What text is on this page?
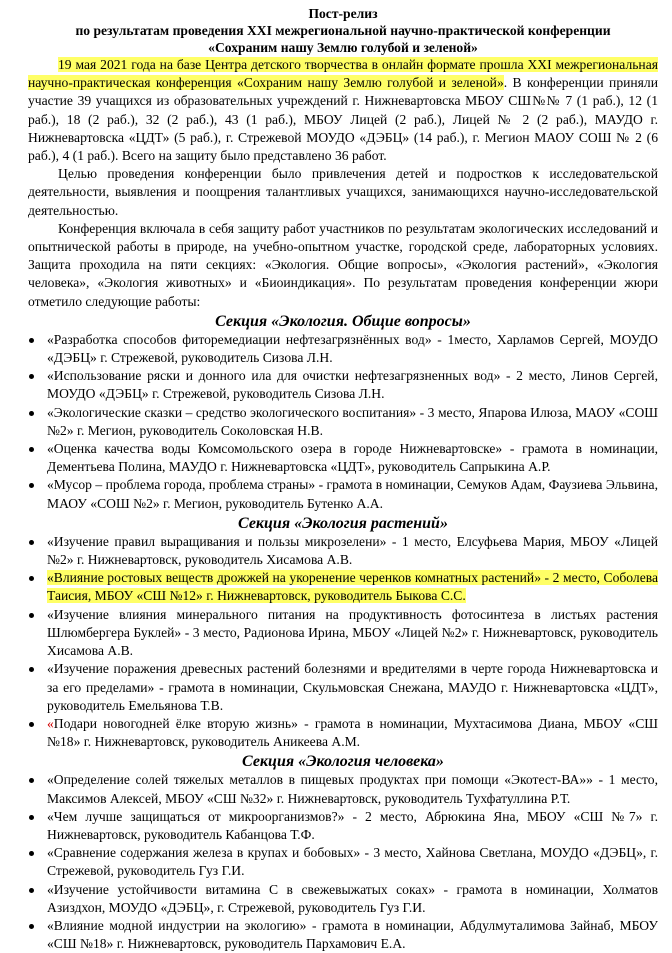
Пост-релиз
по результатам проведения XXI межрегиональной научно-практической конференции
«Сохраним нашу Землю голубой и зеленой»

19 мая 2021 года на базе Центра детского творчества в онлайн формате прошла XXI межрегиональная научно-практическая конференция «Сохраним нашу Землю голубой и зеленой». В конференции приняли участие 39 учащихся из образовательных учреждений г. Нижневартовска МБОУ СШ№№ 7 (1 раб.), 12 (1 раб.), 18 (2 раб.), 32 (2 раб.), 43 (1 раб.), МБОУ Лицей (2 раб.), Лицей № 2 (2 раб.), МАУДО г. Нижневартовска «ЦДТ» (5 раб.), г. Стрежевой МОУДО «ДЭБЦ» (14 раб.), г. Мегион МАОУ СОШ № 2 (6 раб.), 4 (1 раб.). Всего на защиту было представлено 36 работ.

Целью проведения конференции было привлечения детей и подростков к исследовательской деятельности, выявления и поощрения талантливых учащихся, занимающихся научно-исследовательской деятельностью.

Конференция включала в себя защиту работ участников по результатам экологических исследований и опытнической работы в природе, на учебно-опытном участке, городской среде, лабораторных условиях. Защита проходила на пяти секциях: «Экология. Общие вопросы», «Экология растений», «Экология человека», «Экология животных» и «Биоиндикация». По результатам проведения конференции жюри отметило следующие работы:

Секция «Экология. Общие вопросы»
«Разработка способов фиторемедиации нефтезагрязнённых вод» - 1место, Харламов Сергей, МОУДО «ДЭБЦ» г. Стрежевой, руководитель Сизова Л.Н.
«Использование ряски и донного ила для очистки нефтезагрязненных вод» - 2 место, Линов Сергей, МОУДО «ДЭБЦ» г. Стрежевой, руководитель Сизова Л.Н.
«Экологические сказки – средство экологического воспитания» - 3 место, Япарова Илюза, МАОУ «СОШ №2» г. Мегион, руководитель Соколовская Н.В.
«Оценка качества воды Комсомольского озера в городе Нижневартовске» - грамота в номинации, Дементьева Полина, МАУДО г. Нижневартовска «ЦДТ», руководитель Сапрыкина А.Р.
«Мусор – проблема города, проблема страны» - грамота в номинации, Семуков Адам, Фаузиева Эльвина, МАОУ «СОШ №2» г. Мегион, руководитель Бутенко А.А.
Секция «Экология растений»
«Изучение правил выращивания и пользы микрозелени» - 1 место, Елсуфьева Мария, МБОУ «Лицей №2» г. Нижневартовск, руководитель Хисамова А.В.
«Влияние ростовых веществ дрожжей на укоренение черенков комнатных растений» - 2 место, Соболева Таисия, МБОУ «СШ №12» г. Нижневартовск, руководитель Быкова С.С.
«Изучение влияния минерального питания на продуктивность фотосинтеза в листьях растения Шлюмбергера Буклей» - 3 место, Радионова Ирина, МБОУ «Лицей №2» г. Нижневартовск, руководитель Хисамова А.В.
«Изучение поражения древесных растений болезнями и вредителями в черте города Нижневартовска и за его пределами» - грамота в номинации, Скульмовская Снежана, МАУДО г. Нижневартовска «ЦДТ», руководитель Емельянова Т.В.
«Подари новогодней ёлке вторую жизнь» - грамота в номинации, Мухтасимова Диана, МБОУ «СШ №18» г. Нижневартовск, руководитель Аникеева А.М.
Секция «Экология человека»
«Определение солей тяжелых металлов в пищевых продуктах при помощи «Экотест-ВА»» - 1 место, Максимов Алексей, МБОУ «СШ №32» г. Нижневартовск, руководитель Тухфатуллина Р.Т.
«Чем лучше защищаться от микроорганизмов?» - 2 место, Абрюкина Яна, МБОУ «СШ №7» г. Нижневартовск, руководитель Кабанцова Т.Ф.
«Сравнение содержания железа в крупах и бобовых» - 3 место, Хайнова Светлана, МОУДО «ДЭБЦ», г. Стрежевой, руководитель Гуз Г.И.
«Изучение устойчивости витамина С в свежевыжатых соках» - грамота в номинации, Холматов Азиздхон, МОУДО «ДЭБЦ», г. Стрежевой, руководитель Гуз Г.И.
«Влияние модной индустрии на экологию» - грамота в номинации, Абдулмуталимова Зайнаб, МБОУ «СШ №18» г. Нижневартовск, руководитель Пархамович Е.А.
